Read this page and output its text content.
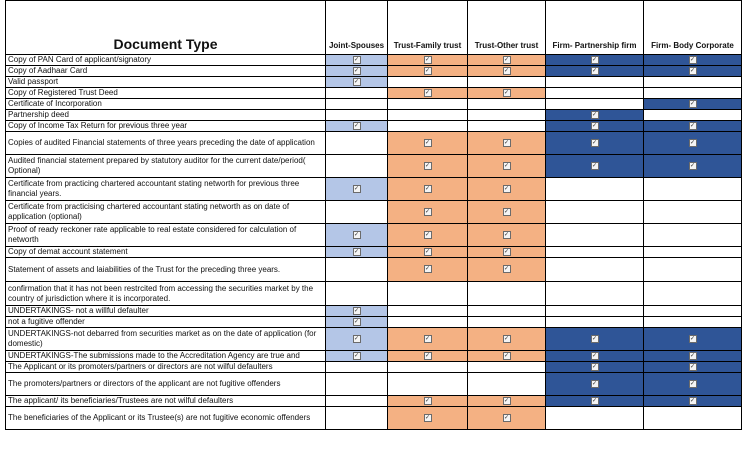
Document Type	Joint-Spouses	Trust-Family trust	Trust-Other trust	Firm- Partnership firm	Firm- Body Corporate
Copy of PAN Card of applicant/signatory	✓	✓	✓	✓	✓
Copy of Aadhaar Card	✓	✓	✓	✓	✓
Valid passport	✓				
Copy of Registered Trust Deed		✓	✓		
Certificate of Incorporation					✓
Partnership deed				✓	
Copy of Income Tax Return for previous three year	✓			✓	✓
Copies of audited Financial statements of three years preceding the date of application		✓	✓	✓	✓
Audited financial statement prepared by statutory auditor for the current date/period( Optional)		✓	✓	✓	✓
Certificate from practicing chartered accountant stating networth for previous three financial years.	✓	✓	✓		
Certificate from practicising chartered accountant stating networth as on date of application (optional)		✓	✓		
Proof of ready reckoner rate applicable to real estate considered for calculation of networth	✓	✓	✓		
Copy of demat account statement	✓	✓	✓		
Statement of assets and laiabilities of the Trust for the preceding three years.		✓	✓		
confirmation that it has not been restrcited from accessing the securities market by the country of jurisdiction where it is incorporated.					
UNDERTAKINGS- not a willful defaulter	✓				
not a fugitive offender	✓				
UNDERTAKINGS-not debarred from securities market as on the date of application (for domestic)	✓	✓	✓	✓	✓
UNDERTAKINGS-The submissions made to the Accreditation Agency are true and	✓	✓	✓	✓	✓
The Applicant or its promoters/partners or directors are not wilful defaulters				✓	✓
The promoters/partners or directors of the applicant are not fugitive offenders				✓	✓
The applicant/ its beneficiaries/Trustees are not wilful defaulters		✓	✓	✓	✓
The beneficiaries of the Applicant or its Trustee(s) are not fugitive economic offenders		✓	✓		
